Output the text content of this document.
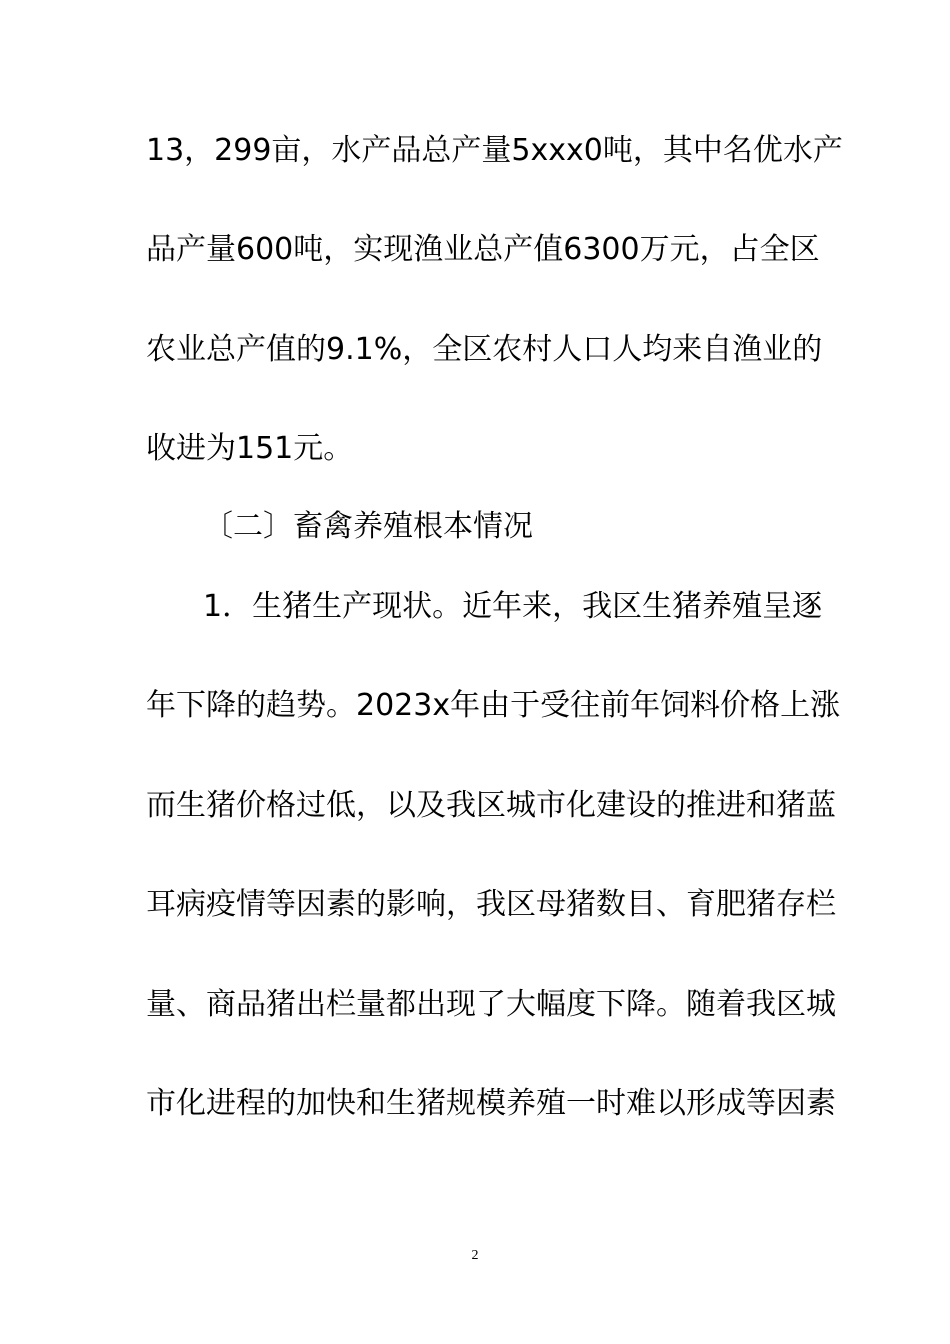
13，299亩，水产品总产量5xxx0吨，其中名优水产
品产量600吨，实现渔业总产值6300万元，占全区
农业总产值的9.1%，全区农村人口人均来自渔业的
收进为151元。
〔二〕畜禽养殖根本情况
1．生猪生产现状。近年来，我区生猪养殖呈逐
年下降的趋势。2023x年由于受往前年饲料价格上涨
而生猪价格过低，以及我区城市化建设的推进和猪蓝
耳病疫情等因素的影响，我区母猪数目、育肥猪存栏
量、商品猪出栏量都出现了大幅度下降。随着我区城
市化进程的加快和生猪规模养殖一时难以形成等因素
2
